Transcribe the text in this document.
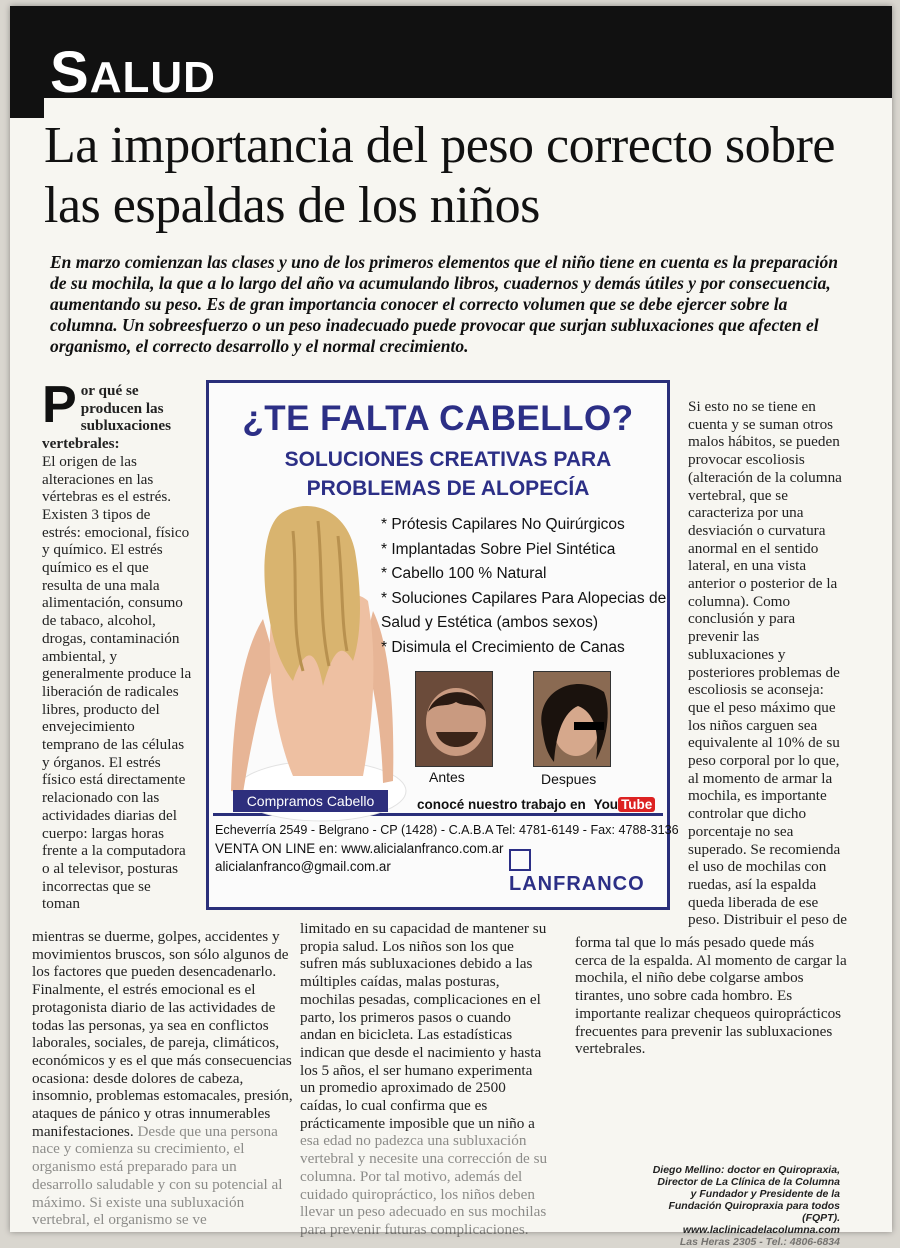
SALUD
La importancia del peso correcto sobre las espaldas de los niños
En marzo comienzan las clases y uno de los primeros elementos que el niño tiene en cuenta es la preparación de su mochila, la que a lo largo del año va acumulando libros, cuadernos y demás útiles y por consecuencia, aumentando su peso. Es de gran importancia conocer el correcto volumen que se debe ejercer sobre la columna. Un sobreesfuerzo o un peso inadecuado puede provocar que surjan subluxaciones que afecten el organismo, el correcto desarrollo y el normal crecimiento.
P or qué se producen las subluxaciones vertebrales:
El origen de las alteraciones en las vértebras es el estrés. Existen 3 tipos de estrés: emocional, físico y químico. El estrés químico es el que resulta de una mala alimentación, consumo de tabaco, alcohol, drogas, contaminación ambiental, y generalmente produce la liberación de radicales libres, producto del envejecimiento temprano de las células y órganos. El estrés físico está directamente relacionado con las actividades diarias del cuerpo: largas horas frente a la computadora o al televisor, posturas incorrectas que se toman
mientras se duerme, golpes, accidentes y movimientos bruscos, son sólo algunos de los factores que pueden desencadenarlo. Finalmente, el estrés emocional es el protagonista diario de las actividades de todas las personas, ya sea en conflictos laborales, sociales, de pareja, climáticos, económicos y es el que más consecuencias ocasiona: desde dolores de cabeza, insomnio, problemas estomacales, presión, ataques de pánico y otras innumerables manifestaciones. Desde que una persona nace y comienza su crecimiento, el organismo está preparado para un desarrollo saludable y con su potencial al máximo. Si existe una subluxación vertebral, el organismo se ve
limitado en su capacidad de mantener su propia salud. Los niños son los que sufren más subluxaciones debido a las múltiples caídas, malas posturas, mochilas pesadas, complicaciones en el parto, los primeros pasos o cuando andan en bicicleta. Las estadísticas indican que desde el nacimiento y hasta los 5 años, el ser humano experimenta un promedio aproximado de 2500 caídas, lo cual confirma que es prácticamente imposible que un niño a esa edad no padezca una subluxación vertebral y necesite una corrección de su columna. Por tal motivo, además del cuidado quiropráctico, los niños deben llevar un peso adecuado en sus mochilas para prevenir futuras complicaciones.
Si esto no se tiene en cuenta y se suman otros malos hábitos, se pueden provocar escoliosis (alteración de la columna vertebral, que se caracteriza por una desviación o curvatura anormal en el sentido lateral, en una vista anterior o posterior de la columna). Como conclusión y para prevenir las subluxaciones y posteriores problemas de escoliosis se aconseja: que el peso máximo que los niños carguen sea equivalente al 10% de su peso corporal por lo que, al momento de armar la mochila, es importante controlar que dicho porcentaje no sea superado. Se recomienda el uso de mochilas con ruedas, así la espalda queda liberada de ese peso. Distribuir el peso de
forma tal que lo más pesado quede más cerca de la espalda. Al momento de cargar la mochila, el niño debe colgarse ambos tirantes, uno sobre cada hombro. Es importante realizar chequeos quiroprácticos frecuentes para prevenir las subluxaciones vertebrales.
¿TE FALTA CABELLO?
SOLUCIONES CREATIVAS PARA PROBLEMAS DE ALOPECÍA
* Prótesis Capilares No Quirúrgicos
* Implantadas Sobre Piel Sintética
* Cabello 100 % Natural
* Soluciones Capilares Para Alopecias de Salud y Estética (ambos sexos)
* Disimula el Crecimiento de Canas
Antes	Despues
Compramos Cabello	conocé nuestro trabajo en You Tube
Echeverría 2549 - Belgrano - CP (1428) - C.A.B.A Tel: 4781-6149 - Fax: 4788-3136
VENTA ON LINE en: www.alicialanfranco.com.ar
alicialanfranco@gmail.com.ar
LANFRANCO
Diego Mellino: doctor en Quiropraxia, Director de La Clínica de la Columna y Fundador y Presidente de la Fundación Quiropraxia para todos (FQPT).
www.laclinicadelacolumna.com
Las Heras 2305 - Tel.: 4806-6834
